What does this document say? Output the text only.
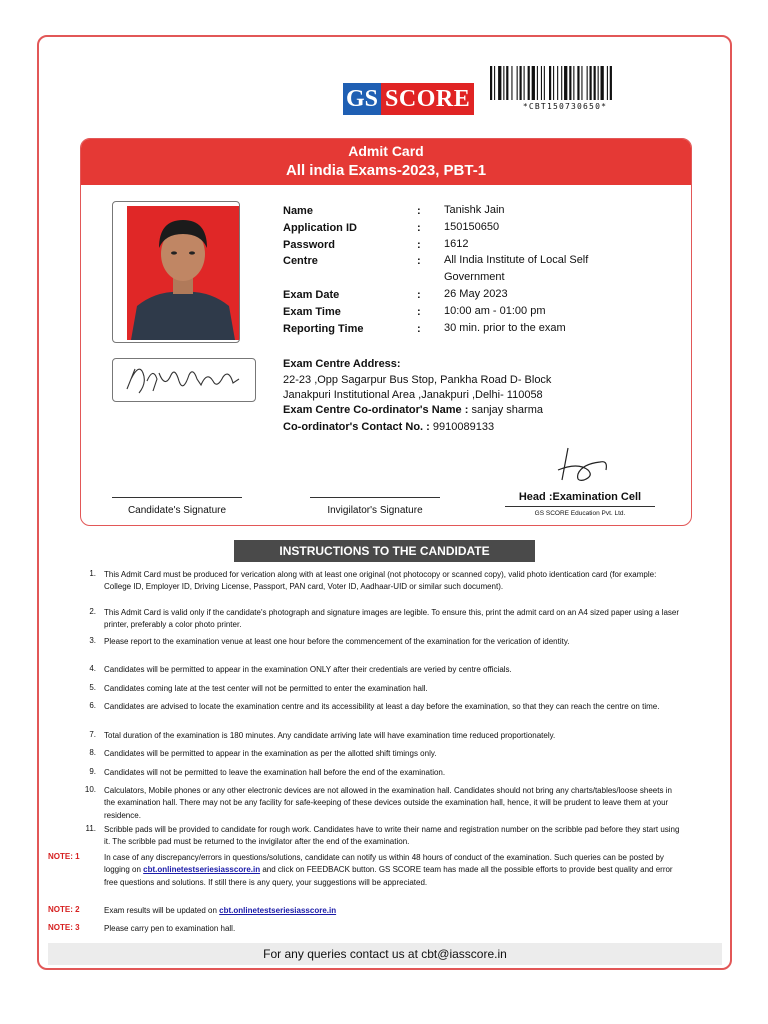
GS SCORE	*CBT150730650*
Admit Card
All india Exams-2023, PBT-1
Name	: Tanishk Jain
Application ID	: 150150650
Password	: 1612
Centre	: All India Institute of Local Self
Government
Exam Date	: 26 May 2023
Exam Time	: 10:00 am - 01:00 pm
Reporting Time	: 30 min. prior to the exam
Exam Centre Address:
22-23 ,Opp Sagarpur Bus Stop, Pankha Road D- Block
Janakpuri Institutional Area ,Janakpuri ,Delhi- 110058
Exam Centre Co-ordinator's Name : sanjay sharma
Co-ordinator's Contact No. : 9910089133
Candidate's Signature	Invigilator's Signature
Head :Examination Cell
GS SCORE Education Pvt. Ltd.
INSTRUCTIONS TO THE CANDIDATE
1. This Admit Card must be produced for verication along with at least one original (not photocopy or scanned copy), valid photo identication card (for example: College ID, Employer ID, Driving License, Passport, PAN card, Voter ID, Aadhaar-UID or similar such document).
2. This Admit Card is valid only if the candidate's photograph and signature images are legible. To ensure this, print the admit card on an A4 sized paper using a laser printer, preferably a color photo printer.
3. Please report to the examination venue at least one hour before the commencement of the examination for the verication of identity.
4. Candidates will be permitted to appear in the examination ONLY after their credentials are veried by centre officials.
5. Candidates coming late at the test center will not be permitted to enter the examination hall.
6. Candidates are advised to locate the examination centre and its accessibility at least a day before the examination, so that they can reach the centre on time.
7. Total duration of the examination is 180 minutes. Any candidate arriving late will have examination time reduced proportionately.
8. Candidates will be permitted to appear in the examination as per the allotted shift timings only.
9. Candidates will not be permitted to leave the examination hall before the end of the examination.
10. Calculators, Mobile phones or any other electronic devices are not allowed in the examination hall. Candidates should not bring any charts/tables/loose sheets in the examination hall. There may not be any facility for safe-keeping of these devices outside the examination hall, hence, it will be prudent to leave them at your residence.
11. Scribble pads will be provided to candidate for rough work. Candidates have to write their name and registration number on the scribble pad before they start using it. The scribble pad must be returned to the invigilator after the end of the examination.
NOTE: 1	In case of any discrepancy/errors in questions/solutions, candidate can notify us within 48 hours of conduct of the examination. Such queries can be posted by logging on cbt.onlinetestseriesiasscore.in and click on FEEDBACK button. GS SCORE team has made all the possible efforts to provide best quality and error free questions and solutions. If still there is any query, your suggestions will be appreciated.
NOTE: 2	Exam results will be updated on cbt.onlinetestseriesiasscore.in
NOTE: 3	Please carry pen to examination hall.
For any queries contact us at cbt@iasscore.in
